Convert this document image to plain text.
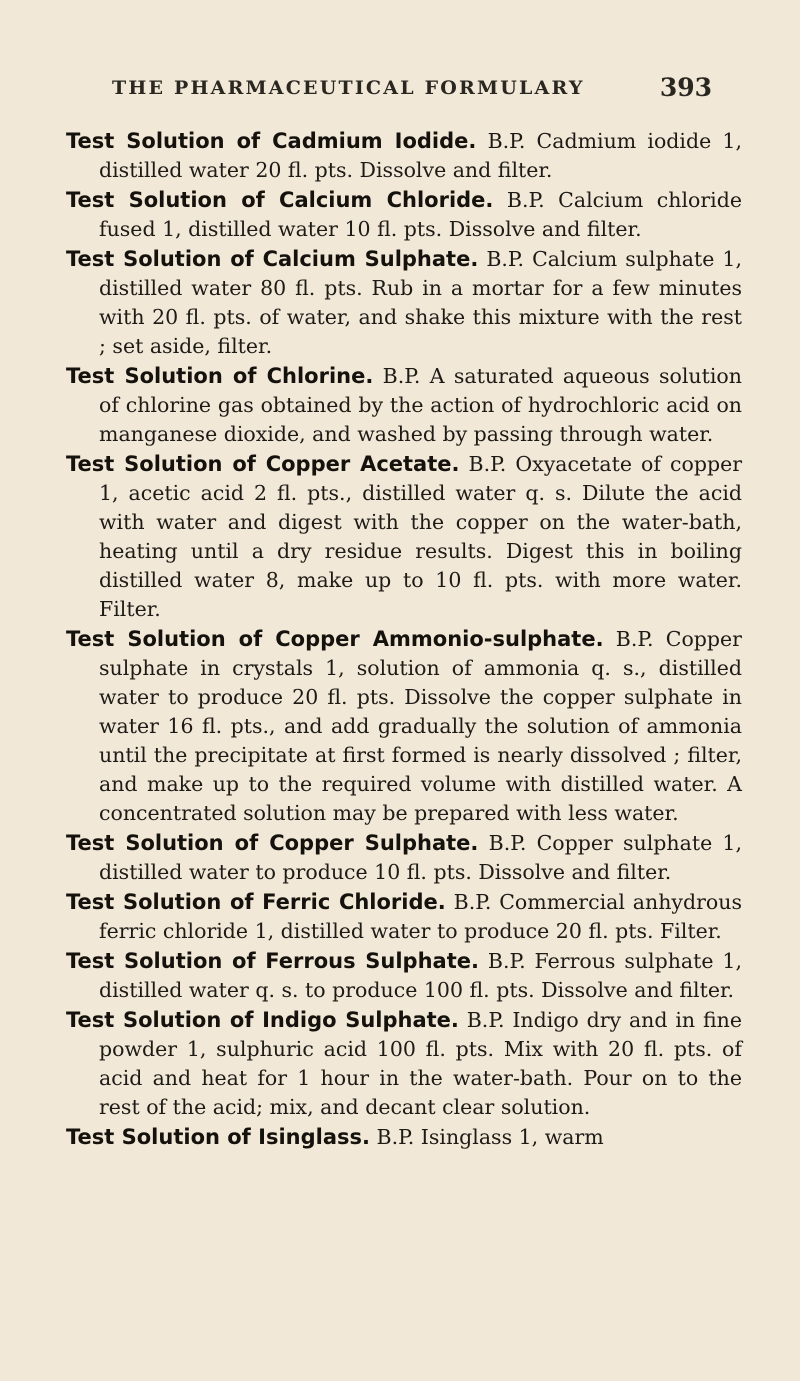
THE PHARMACEUTICAL FORMULARY	393

Test Solution of Cadmium Iodide. B.P. Cadmium iodide 1, distilled water 20 fl. pts. Dissolve and filter.

Test Solution of Calcium Chloride. B.P. Calcium chloride fused 1, distilled water 10 fl. pts. Dissolve and filter.

Test Solution of Calcium Sulphate. B.P. Calcium sulphate 1, distilled water 80 fl. pts. Rub in a mortar for a few minutes with 20 fl. pts. of water, and shake this mixture with the rest ; set aside, filter.

Test Solution of Chlorine. B.P. A saturated aqueous solution of chlorine gas obtained by the action of hydrochloric acid on manganese dioxide, and washed by passing through water.

Test Solution of Copper Acetate. B.P. Oxyacetate of copper 1, acetic acid 2 fl. pts., distilled water q. s. Dilute the acid with water and digest with the copper on the water-bath, heating until a dry residue results. Digest this in boiling distilled water 8, make up to 10 fl. pts. with more water. Filter.

Test Solution of Copper Ammonio-sulphate. B.P. Copper sulphate in crystals 1, solution of ammonia q. s., distilled water to produce 20 fl. pts. Dissolve the copper sulphate in water 16 fl. pts., and add gradually the solution of ammonia until the precipitate at first formed is nearly dissolved ; filter, and make up to the required volume with distilled water. A concentrated solution may be prepared with less water.

Test Solution of Copper Sulphate. B.P. Copper sulphate 1, distilled water to produce 10 fl. pts. Dissolve and filter.

Test Solution of Ferric Chloride. B.P. Commercial anhydrous ferric chloride 1, distilled water to produce 20 fl. pts. Filter.

Test Solution of Ferrous Sulphate. B.P. Ferrous sulphate 1, distilled water q. s. to produce 100 fl. pts. Dissolve and filter.

Test Solution of Indigo Sulphate. B.P. Indigo dry and in fine powder 1, sulphuric acid 100 fl. pts. Mix with 20 fl. pts. of acid and heat for 1 hour in the water-bath. Pour on to the rest of the acid; mix, and decant clear solution.

Test Solution of Isinglass. B.P. Isinglass 1, warm
